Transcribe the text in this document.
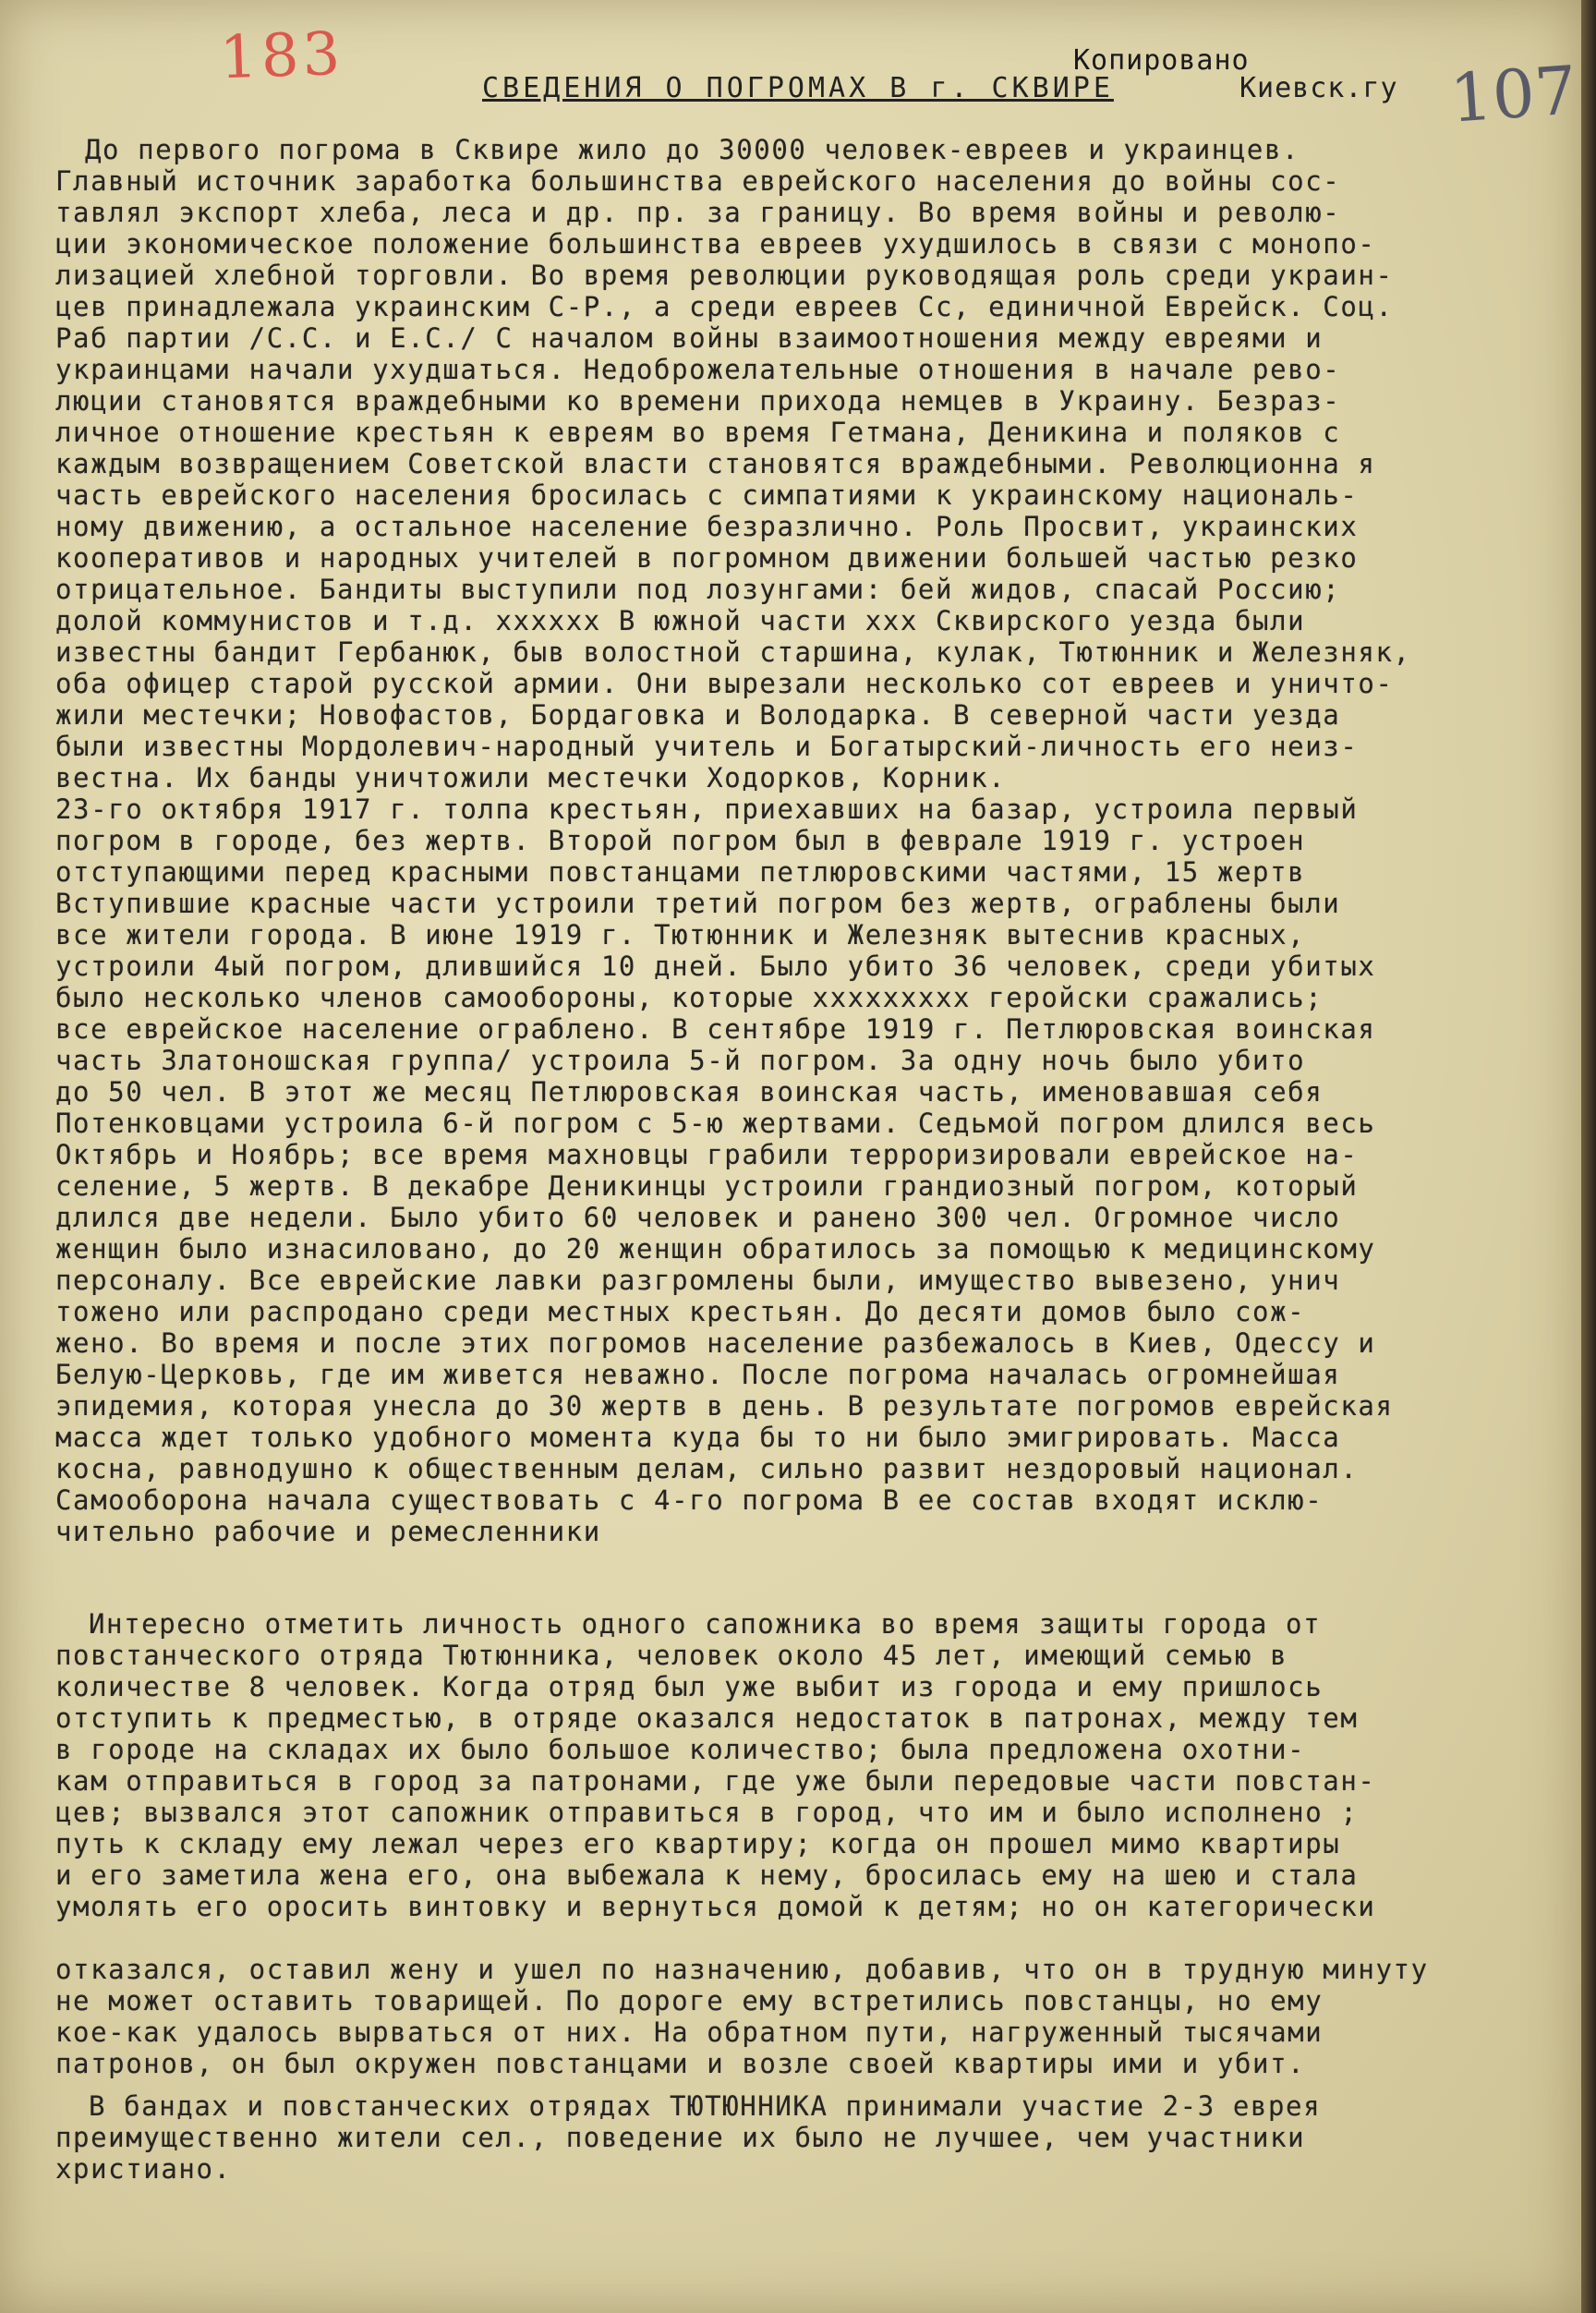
183	Копировано	107
СВЕДЕНИЯ О ПОГРОМАХ В г. СКВИРЕ	Киевск.гу
До первого погрома в Сквире жило до 30000 человек-евреев и украинцев.
Главный источник заработка большинства еврейского населения до войны сос-
тавлял экспорт хлеба, леса и др. пр. за границу. Во время войны и револю-
ции экономическое положение большинства евреев ухудшилось в связи с монопо-
лизацией хлебной торговли. Во время революции руководящая роль среди украин-
цев принадлежала украинским С-Р., а среди евреев Сс, единичной Еврейск. Соц.
Раб партии /С.С. и Е.С./ С началом войны взаимоотношения между евреями и
украинцами начали ухудшаться. Недоброжелательные отношения в начале рево-
люции становятся враждебными ко времени прихода немцев в Украину. Безраз-
личное отношение крестьян к евреям во время Гетмана, Деникина и поляков с
каждым возвращением Советской власти становятся враждебными. Революционна я
часть еврейского населения бросилась с симпатиями к украинскому националь-
ному движению, а остальное население безразлично. Роль Просвит, украинских
кооперативов и народных учителей в погромном движении большей частью резко
отрицательное. Бандиты выступили под лозунгами: бей жидов, спасай Россию;
долой коммунистов и т.д. xxxxxx В южной части xxx Сквирского уезда были
известны бандит Гербанюк, быв волостной старшина, кулак, Тютюнник и Железняк,
оба офицер старой русской армии. Они вырезали несколько сот евреев и уничто-
жили местечки; Новофастов, Бордаговка и Володарка. В северной части уезда
были известны Мордолевич-народный учитель и Богатырский-личность его неиз-
вестна. Их банды уничтожили местечки Ходорков, Корник.
23-го октября 1917 г. толпа крестьян, приехавших на базар, устроила первый
погром в городе, без жертв. Второй погром был в феврале 1919 г. устроен
отступающими перед красными повстанцами петлюровскими частями, 15 жертв
Вступившие красные части устроили третий погром без жертв, ограблены были
все жители города. В июне 1919 г. Тютюнник и Железняк вытеснив красных,
устроили 4ый погром, длившийся 10 дней. Было убито 36 человек, среди убитых
было несколько членов самообороны, которые xxxxxxxxx геройски сражались;
все еврейское население ограблено. В сентябре 1919 г. Петлюровская воинская
часть Златоношская группа/ устроила 5-й погром. За одну ночь было убито
до 50 чел. В этот же месяц Петлюровская воинская часть, именовавшая себя
Потенковцами устроила 6-й погром с 5-ю жертвами. Седьмой погром длился весь
Октябрь и Ноябрь; все время махновцы грабили терроризировали еврейское на-
селение, 5 жертв. В декабре Деникинцы устроили грандиозный погром, который
длился две недели. Было убито 60 человек и ранено 300 чел. Огромное число
женщин было изнасиловано, до 20 женщин обратилось за помощью к медицинскому
персоналу. Все еврейские лавки разгромлены были, имущество вывезено, унич
тожено или распродано среди местных крестьян. До десяти домов было сож-
жено. Во время и после этих погромов население разбежалось в Киев, Одессу и
Белую-Церковь, где им живется неважно. После погрома началась огромнейшая
эпидемия, которая унесла до 30 жертв в день. В результате погромов еврейская
масса ждет только удобного момента куда бы то ни было эмигрировать. Масса
косна, равнодушно к общественным делам, сильно развит нездоровый национал.
Самооборона начала существовать с 4-го погрома В ее состав входят исклю-
чительно рабочие и ремесленники
Интересно отметить личность одного сапожника во время защиты города от
повстанческого отряда Тютюнника, человек около 45 лет, имеющий семью в
количестве 8 человек. Когда отряд был уже выбит из города и ему пришлось
отступить к предместью, в отряде оказался недостаток в патронах, между тем
в городе на складах их было большое количество; была предложена охотни-
кам отправиться в город за патронами, где уже были передовые части повстан-
цев; вызвался этот сапожник отправиться в город, что им и было исполнено ;
путь к складу ему лежал через его квартиру; когда он прошел мимо квартиры
и его заметила жена его, она выбежала к нему, бросилась ему на шею и стала
умолять его оросить винтовку и вернуться домой к детям; но он категорически
отказался, оставил жену и ушел по назначению, добавив, что он в трудную минуту
не может оставить товарищей. По дороге ему встретились повстанцы, но ему
кое-как удалось вырваться от них. На обратном пути, нагруженный тысячами
патронов, он был окружен повстанцами и возле своей квартиры ими и убит.
В бандах и повстанческих отрядах ТЮТЮННИКА принимали участие 2-3 еврея
преимущественно жители сел., поведение их было не лучшее, чем участники
христиано.
